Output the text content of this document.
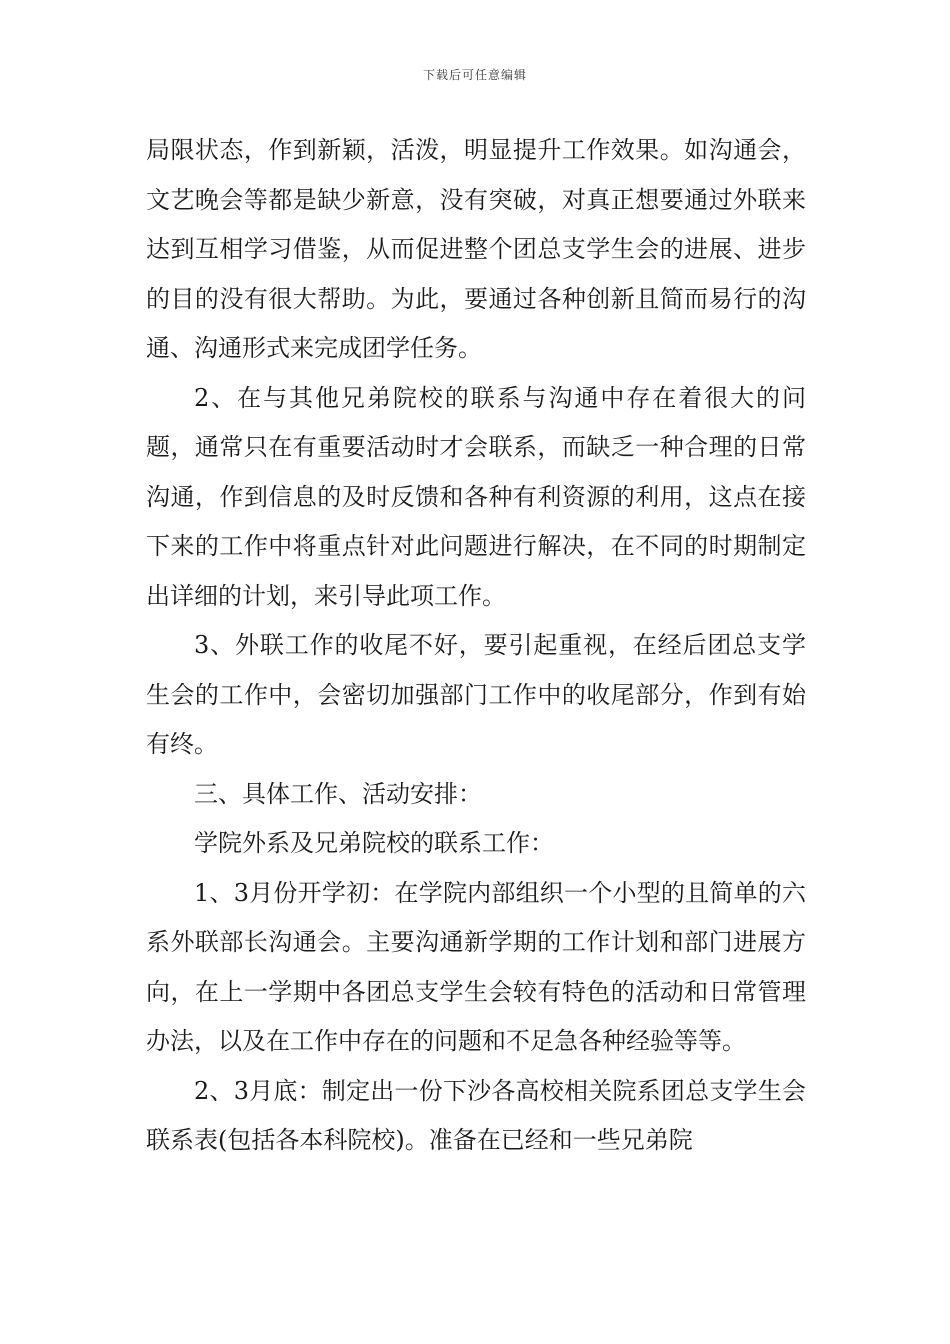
下载后可任意编辑

局限状态，作到新颖，活泼，明显提升工作效果。如沟通会，文艺晚会等都是缺少新意，没有突破，对真正想要通过外联来达到互相学习借鉴，从而促进整个团总支学生会的进展、进步的目的没有很大帮助。为此，要通过各种创新且简而易行的沟通、沟通形式来完成团学任务。

2、在与其他兄弟院校的联系与沟通中存在着很大的问题，通常只在有重要活动时才会联系，而缺乏一种合理的日常沟通，作到信息的及时反馈和各种有利资源的利用，这点在接下来的工作中将重点针对此问题进行解决，在不同的时期制定出详细的计划，来引导此项工作。

3、外联工作的收尾不好，要引起重视，在经后团总支学生会的工作中，会密切加强部门工作中的收尾部分，作到有始有终。

三、具体工作、活动安排：

学院外系及兄弟院校的联系工作：

1、3月份开学初：在学院内部组织一个小型的且简单的六系外联部长沟通会。主要沟通新学期的工作计划和部门进展方向，在上一学期中各团总支学生会较有特色的活动和日常管理办法，以及在工作中存在的问题和不足急各种经验等等。

2、3月底：制定出一份下沙各高校相关院系团总支学生会联系表(包括各本科院校)。准备在已经和一些兄弟院
